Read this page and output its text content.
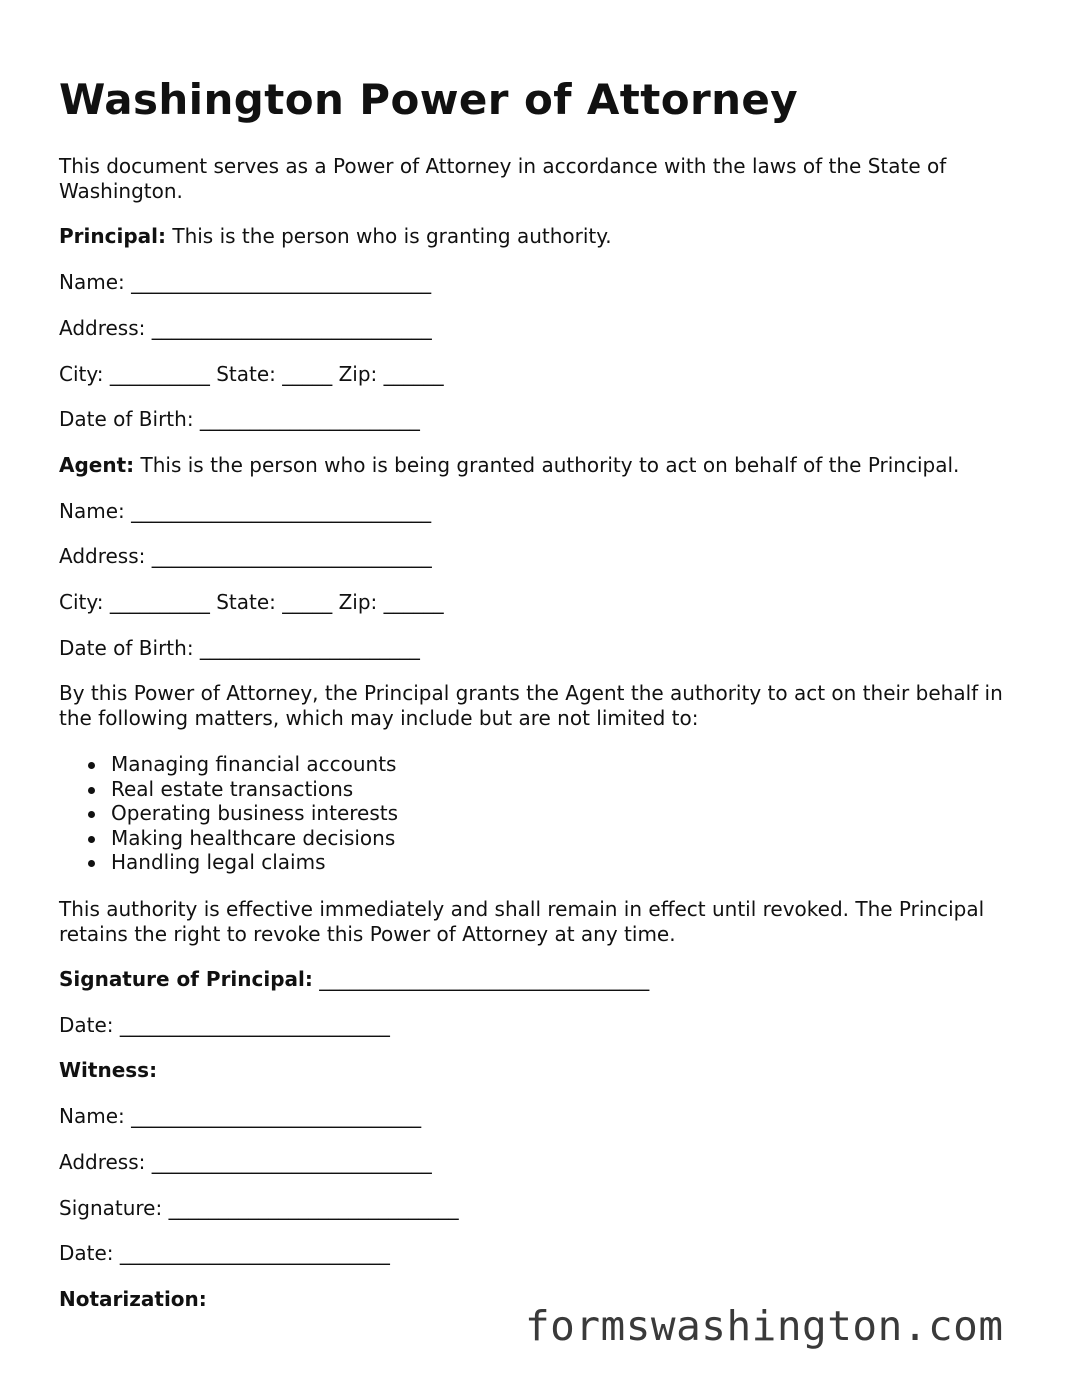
Washington Power of Attorney
This document serves as a Power of Attorney in accordance with the laws of the State of Washington.
Principal: This is the person who is granting authority.
Name: ______________________________
Address: ____________________________
City: __________ State: _____ Zip: ______
Date of Birth: ______________________
Agent: This is the person who is being granted authority to act on behalf of the Principal.
Name: ______________________________
Address: ____________________________
City: __________ State: _____ Zip: ______
Date of Birth: ______________________
By this Power of Attorney, the Principal grants the Agent the authority to act on their behalf in the following matters, which may include but are not limited to:
Managing financial accounts
Real estate transactions
Operating business interests
Making healthcare decisions
Handling legal claims
This authority is effective immediately and shall remain in effect until revoked. The Principal retains the right to revoke this Power of Attorney at any time.
Signature of Principal: _________________________________
Date: ___________________________
Witness:
Name: _____________________________
Address: ____________________________
Signature: _____________________________
Date: ___________________________
Notarization:
formswashington.com
